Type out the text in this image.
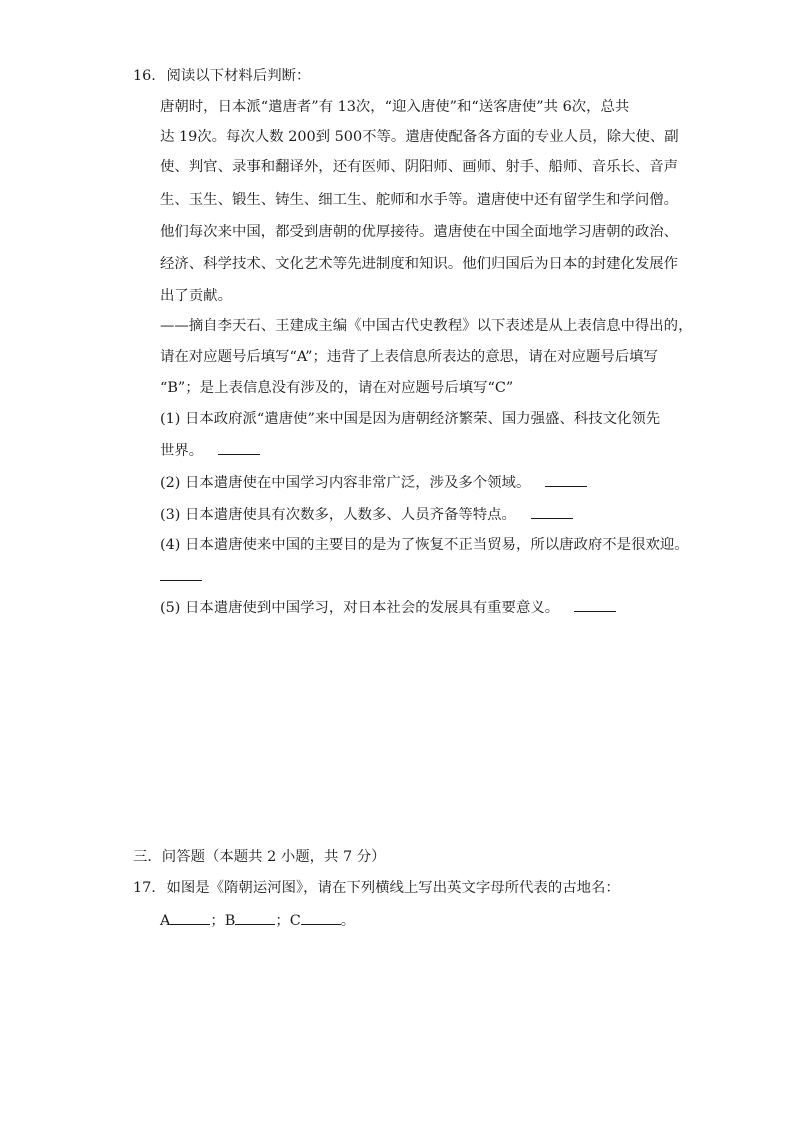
16. 阅读以下材料后判断：
唐朝时，日本派“遣唐者”有 13次，“迎入唐使”和“送客唐使”共 6次，总共
达 19次。每次人数 200到 500不等。遣唐使配备各方面的专业人员，除大使、副
使、判官、录事和翻译外，还有医师、阴阳师、画师、射手、船师、音乐长、音声
生、玉生、锻生、铸生、细工生、舵师和水手等。遣唐使中还有留学生和学问僧。
他们每次来中国，都受到唐朝的优厚接待。遣唐使在中国全面地学习唐朝的政治、
经济、科学技术、文化艺术等先进制度和知识。他们归国后为日本的封建化发展作
出了贡献。
——摘自李天石、王建成主编《中国古代史教程》以下表述是从上表信息中得出的，
请在对应题号后填写“A”；违背了上表信息所表达的意思，请在对应题号后填写
“B”；是上表信息没有涉及的，请在对应题号后填写“C”
(1) 日本政府派“遣唐使”来中国是因为唐朝经济繁荣、国力强盛、科技文化领先
世界。
(2) 日本遣唐使在中国学习内容非常广泛，涉及多个领域。
(3) 日本遣唐使具有次数多，人数多、人员齐备等特点。
(4) 日本遣唐使来中国的主要目的是为了恢复不正当贸易，所以唐政府不是很欢迎。
(5) 日本遣唐使到中国学习，对日本社会的发展具有重要意义。
三．问答题（本题共 2 小题，共 7 分）
17. 如图是《隋朝运河图》，请在下列横线上写出英文字母所代表的古地名：
A	；B	；C	。
